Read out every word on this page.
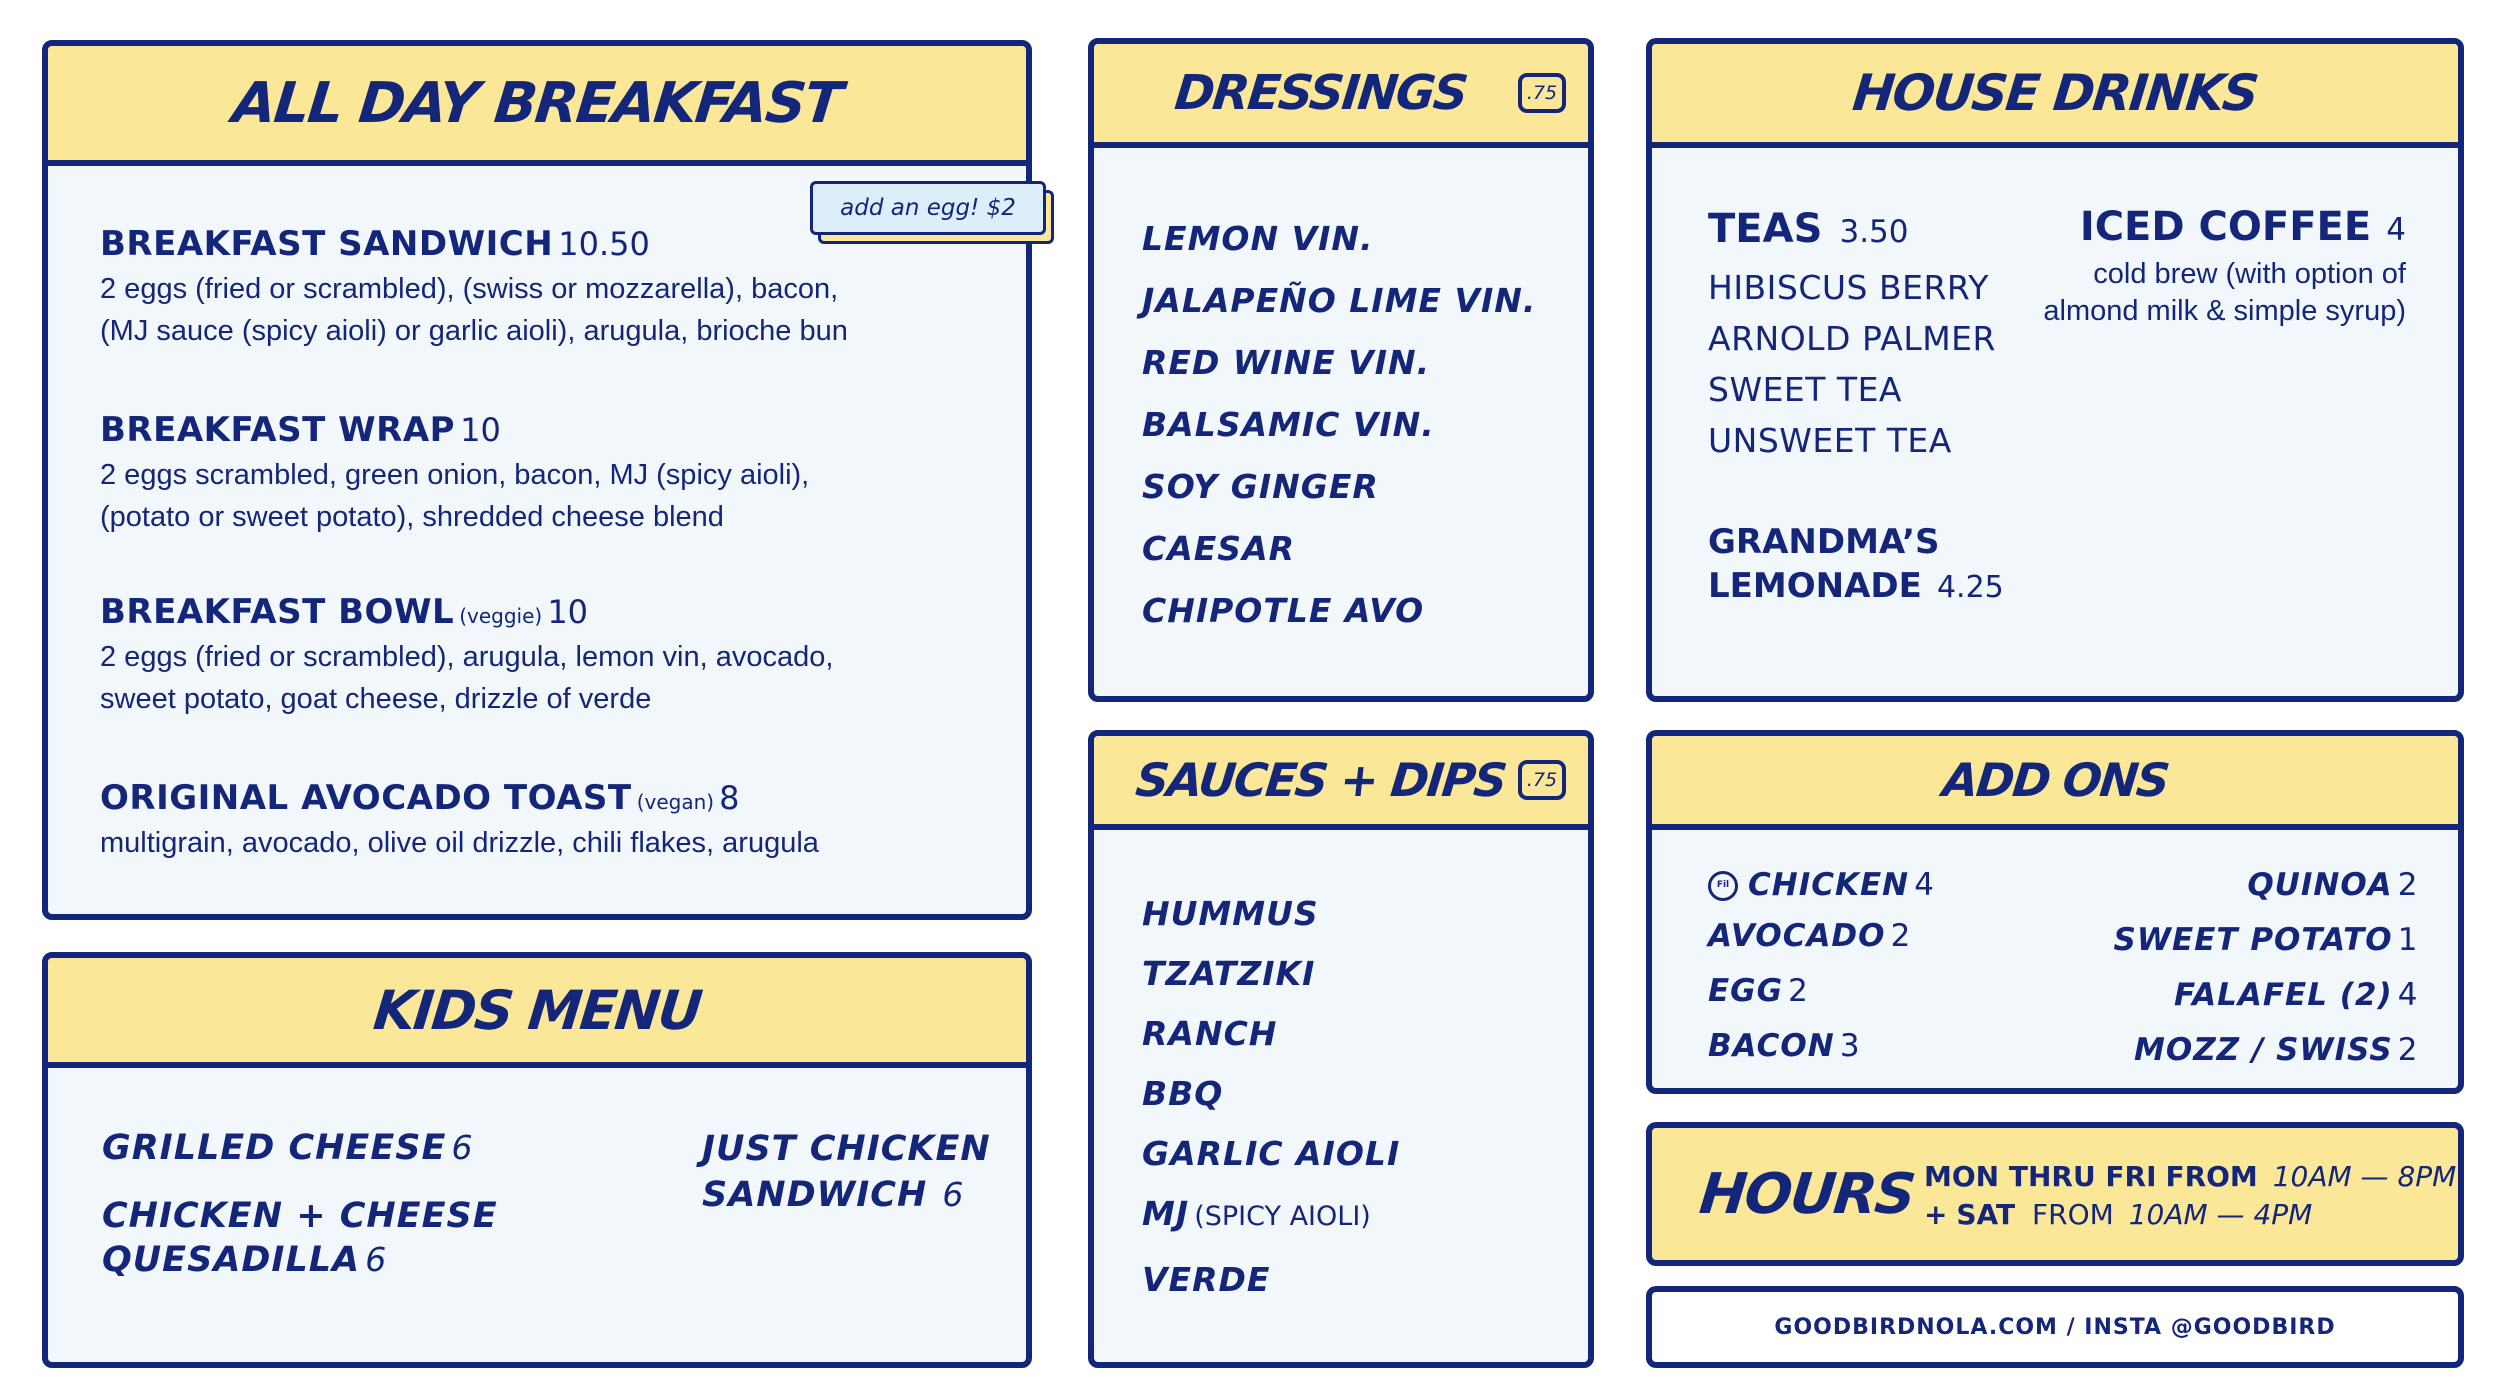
ALL DAY BREAKFAST
BREAKFAST SANDWICH 10.50
2 eggs (fried or scrambled), (swiss or mozzarella), bacon,
(MJ sauce (spicy aioli) or garlic aioli), arugula, brioche bun
BREAKFAST WRAP 10
2 eggs scrambled, green onion, bacon, MJ (spicy aioli),
(potato or sweet potato), shredded cheese blend
BREAKFAST BOWL (veggie) 10
2 eggs (fried or scrambled), arugula, lemon vin, avocado,
sweet potato, goat cheese, drizzle of verde
ORIGINAL AVOCADO TOAST (vegan) 8
multigrain, avocado, olive oil drizzle, chili flakes, arugula
add an egg! $2
KIDS MENU
GRILLED CHEESE 6
CHICKEN + CHEESE
QUESADILLA 6
JUST CHICKEN
SANDWICH 6
DRESSINGS	.75
LEMON VIN.
JALAPEÑO LIME VIN.
RED WINE VIN.
BALSAMIC VIN.
SOY GINGER
CAESAR
CHIPOTLE AVO
SAUCES + DIPS .75
HUMMUS
TZATZIKI
RANCH
BBQ
GARLIC AIOLI
MJ (SPICY AIOLI)
VERDE
HOUSE DRINKS
TEAS 3.50
HIBISCUS BERRY
ARNOLD PALMER
SWEET TEA
UNSWEET TEA
GRANDMA’S
LEMONADE 4.25
ICED COFFEE 4
cold brew (with option of
almond milk & simple syrup)
ADD ONS
Fil CHICKEN
4
AVOCADO 2
EGG 2
BACON 3
QUINOA 2
SWEET POTATO 1
FALAFEL (2) 4
MOZZ / SWISS 2
HOURS MON THRU FRI FROM 10AM — 8PM
+ SAT FROM 10AM — 4PM
GOODBIRDNOLA.COM / INSTA @GOODBIRD
